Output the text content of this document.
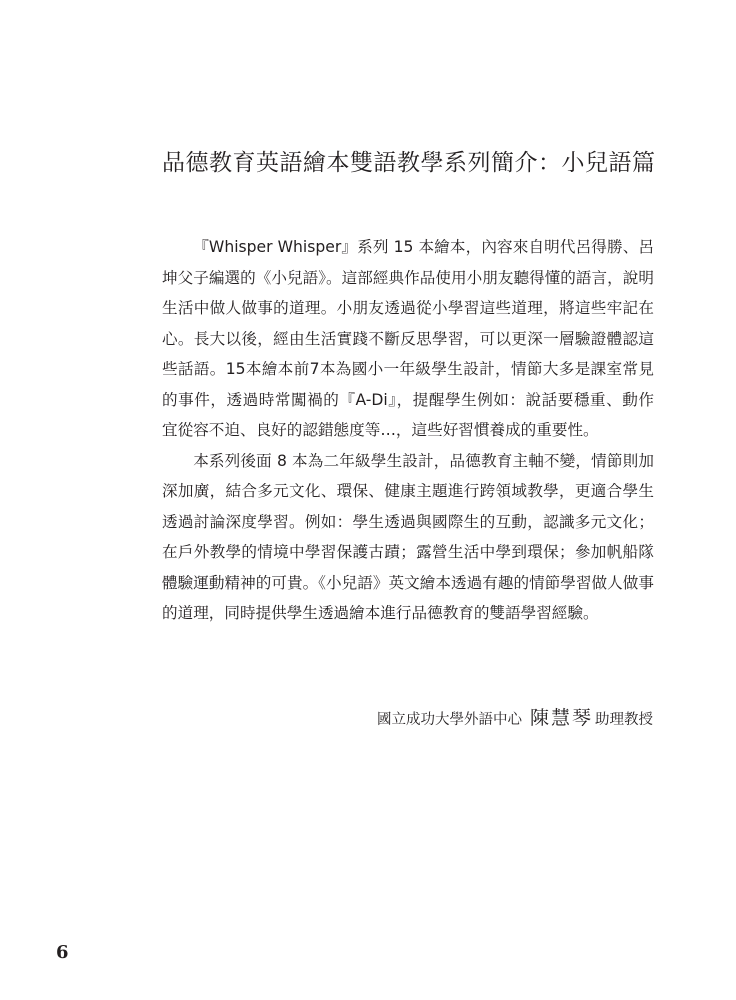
品德教育英語繪本雙語教學系列簡介：小兒語篇

『Whisper Whisper』系列 15 本繪本，內容來自明代呂得勝、呂坤父子編選的《小兒語》。這部經典作品使用小朋友聽得懂的語言，說明生活中做人做事的道理。小朋友透過從小學習這些道理，將這些牢記在心。長大以後，經由生活實踐不斷反思學習，可以更深一層驗證體認這些話語。15本繪本前7本為國小一年級學生設計，情節大多是課室常見的事件，透過時常闖禍的『A-Di』，提醒學生例如：說話要穩重、動作宜從容不迫、良好的認錯態度等…，這些好習慣養成的重要性。

本系列後面 8 本為二年級學生設計，品德教育主軸不變，情節則加深加廣，結合多元文化、環保、健康主題進行跨領域教學，更適合學生透過討論深度學習。例如：學生透過與國際生的互動，認識多元文化；在戶外教學的情境中學習保護古蹟；露營生活中學到環保；參加帆船隊體驗運動精神的可貴。《小兒語》英文繪本透過有趣的情節學習做人做事的道理，同時提供學生透過繪本進行品德教育的雙語學習經驗。

國立成功大學外語中心 陳慧琴 助理教授
6
